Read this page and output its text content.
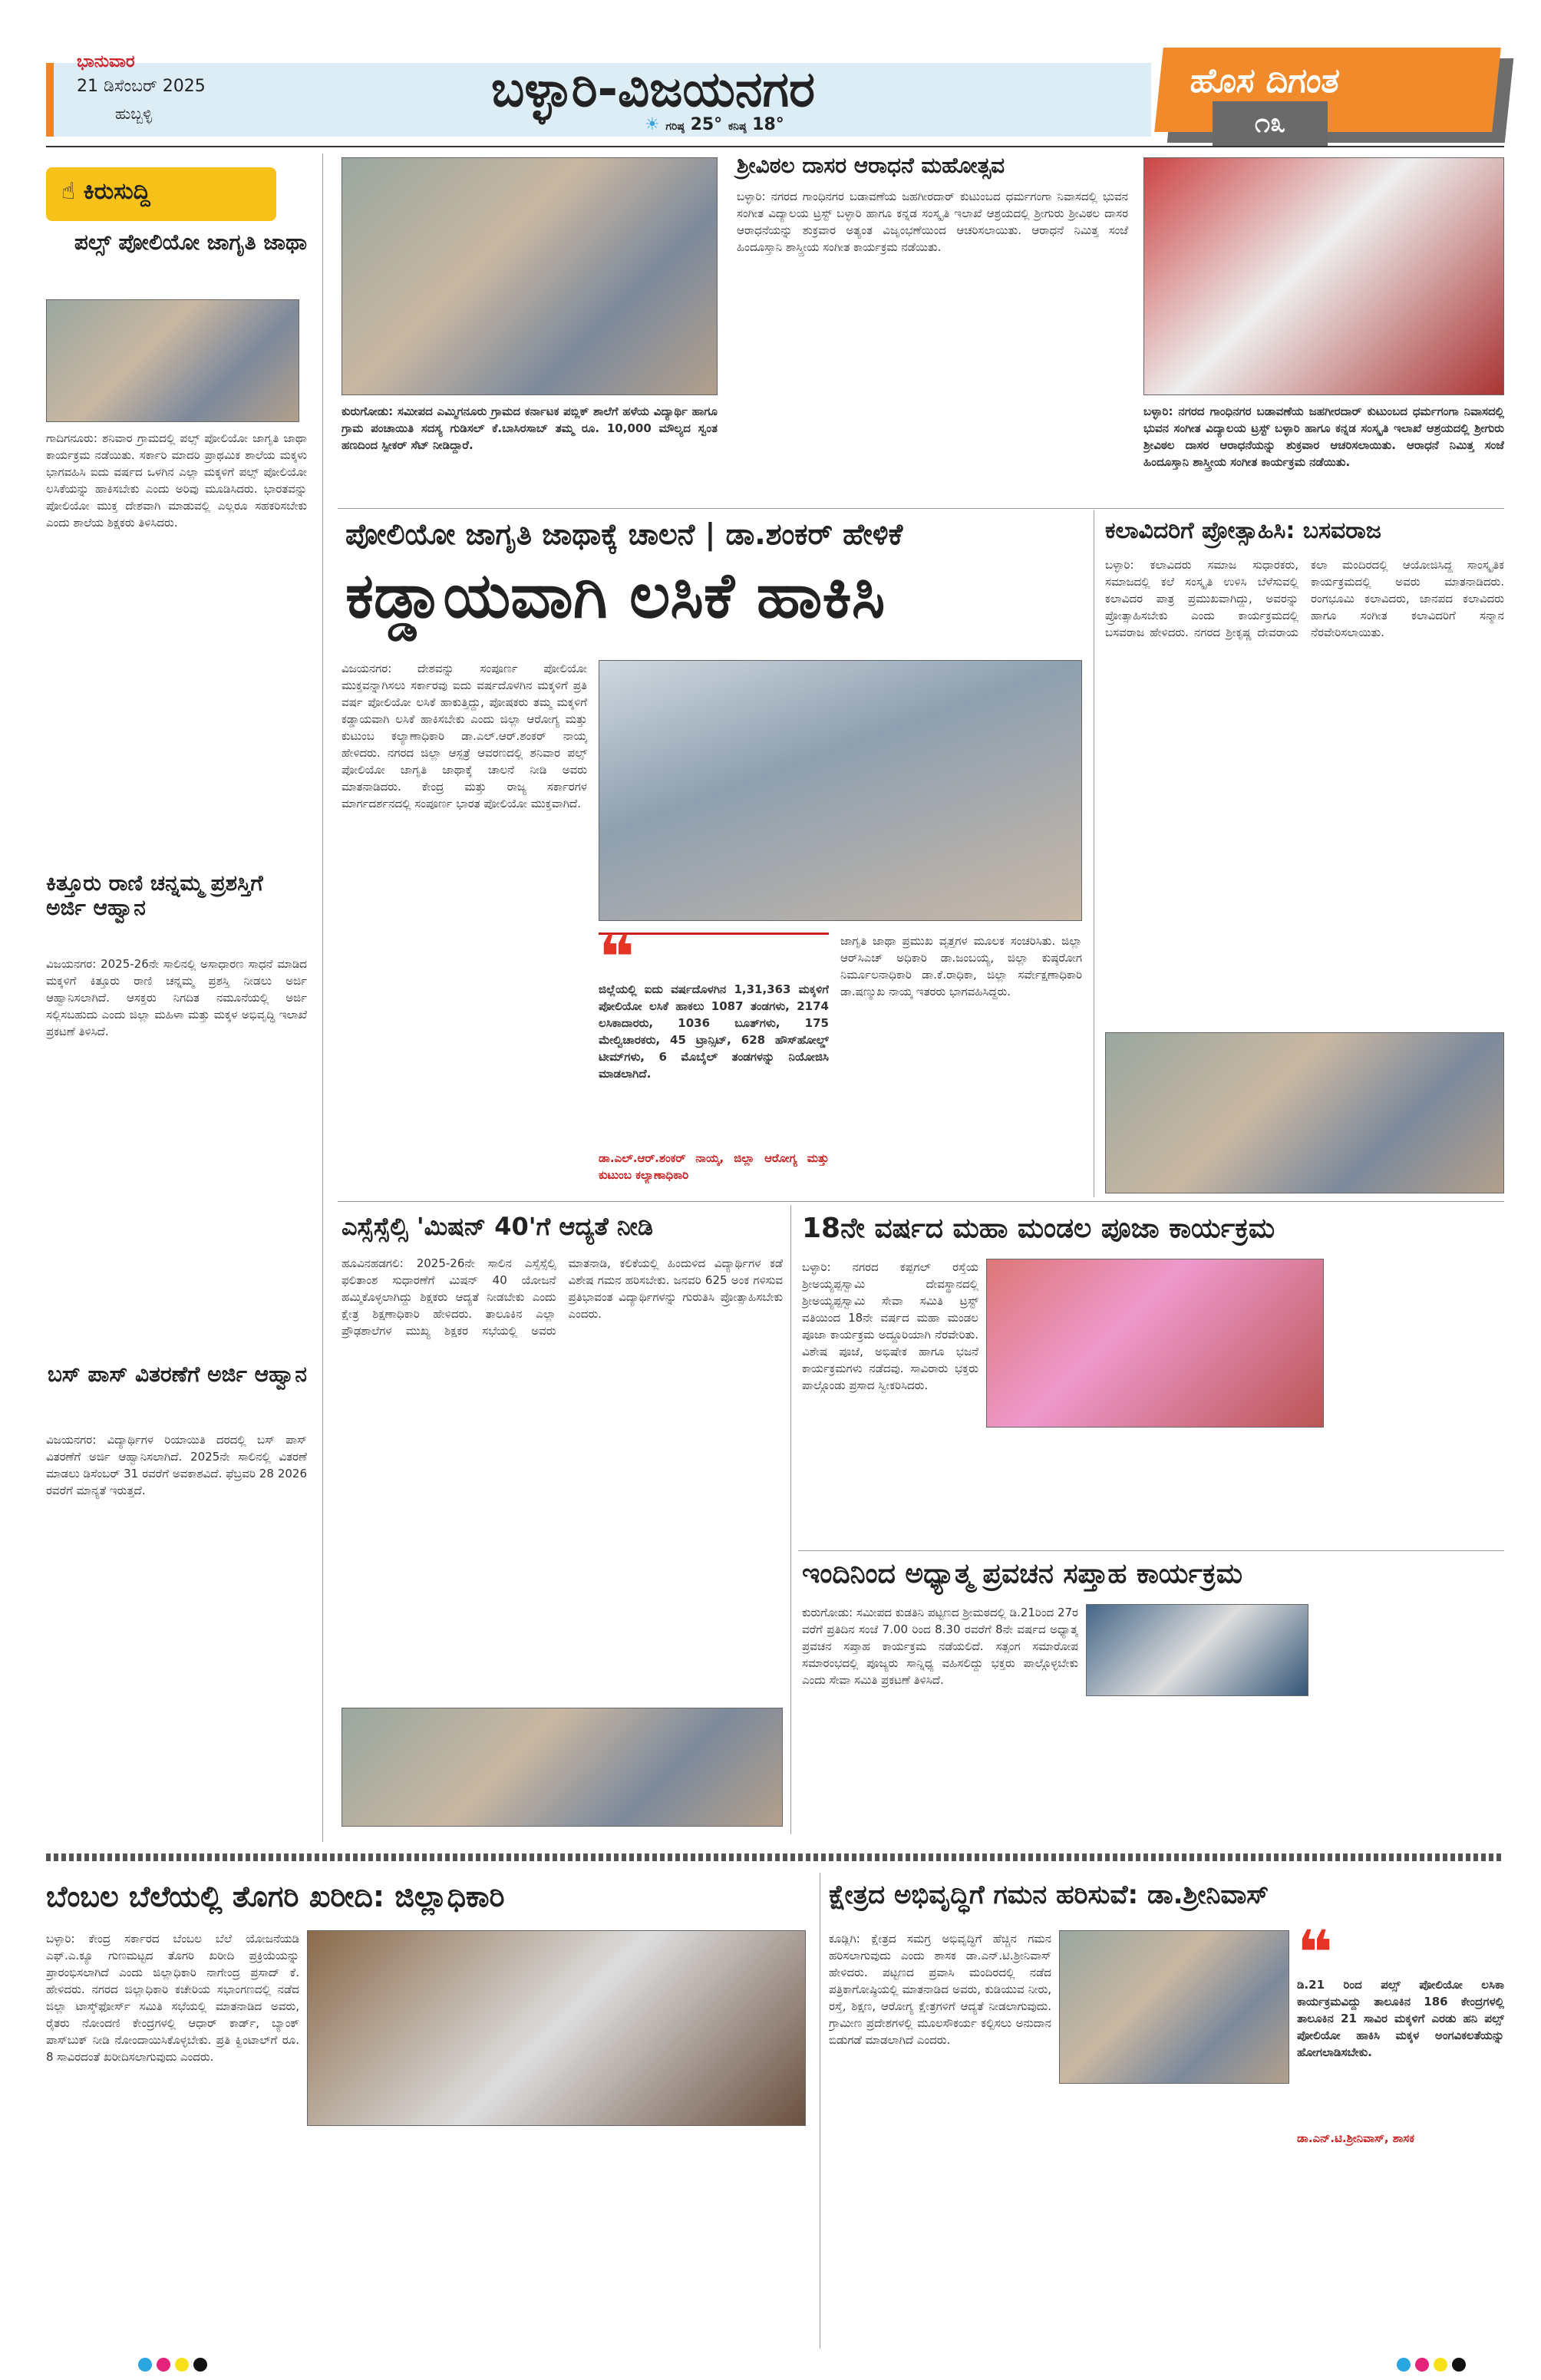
ಭಾನುವಾರ
21 ಡಿಸೆಂಬರ್ 2025
ಹುಬ್ಬಳ್ಳಿ	ಬಳ್ಳಾರಿ-ವಿಜಯನಗರ
☀ ಗರಿಷ್ಠ 25° ಕನಿಷ್ಠ 18°
ಹೊಸ ದಿಗಂತ
೧೩
☝ ಕಿರುಸುದ್ದಿ
ಪಲ್ಸ್ ಪೋಲಿಯೋ ಜಾಗೃತಿ ಜಾಥಾ
ಗಾದಿಗನೂರು: ಶನಿವಾರ ಗ್ರಾಮದಲ್ಲಿ ಪಲ್ಸ್ ಪೋಲಿಯೋ ಜಾಗೃತಿ ಜಾಥಾ ಕಾರ್ಯಕ್ರಮ ನಡೆಯಿತು. ಸರ್ಕಾರಿ ಮಾದರಿ ಪ್ರಾಥಮಿಕ ಶಾಲೆಯ ಮಕ್ಕಳು ಭಾಗವಹಿಸಿ ಐದು ವರ್ಷದ ಒಳಗಿನ ಎಲ್ಲಾ ಮಕ್ಕಳಿಗೆ ಪಲ್ಸ್ ಪೋಲಿಯೋ ಲಸಿಕೆಯನ್ನು ಹಾಕಿಸಬೇಕು ಎಂದು ಅರಿವು ಮೂಡಿಸಿದರು. ಭಾರತವನ್ನು ಪೋಲಿಯೋ ಮುಕ್ತ ದೇಶವಾಗಿ ಮಾಡುವಲ್ಲಿ ಎಲ್ಲರೂ ಸಹಕರಿಸಬೇಕು ಎಂದು ಶಾಲೆಯ ಶಿಕ್ಷಕರು ತಿಳಿಸಿದರು.
ಕಿತ್ತೂರು ರಾಣಿ ಚನ್ನಮ್ಮ ಪ್ರಶಸ್ತಿಗೆ ಅರ್ಜಿ ಆಹ್ವಾನ
ವಿಜಯನಗರ: 2025-26ನೇ ಸಾಲಿನಲ್ಲಿ ಅಸಾಧಾರಣ ಸಾಧನೆ ಮಾಡಿದ ಮಕ್ಕಳಿಗೆ ಕಿತ್ತೂರು ರಾಣಿ ಚನ್ನಮ್ಮ ಪ್ರಶಸ್ತಿ ನೀಡಲು ಅರ್ಜಿ ಆಹ್ವಾನಿಸಲಾಗಿದೆ. ಆಸಕ್ತರು ನಿಗದಿತ ನಮೂನೆಯಲ್ಲಿ ಅರ್ಜಿ ಸಲ್ಲಿಸಬಹುದು ಎಂದು ಜಿಲ್ಲಾ ಮಹಿಳಾ ಮತ್ತು ಮಕ್ಕಳ ಅಭಿವೃದ್ಧಿ ಇಲಾಖೆ ಪ್ರಕಟಣೆ ತಿಳಿಸಿದೆ.
ಬಸ್ ಪಾಸ್ ವಿತರಣೆಗೆ ಅರ್ಜಿ ಆಹ್ವಾನ
ವಿಜಯನಗರ: ವಿದ್ಯಾರ್ಥಿಗಳ ರಿಯಾಯಿತಿ ದರದಲ್ಲಿ ಬಸ್ ಪಾಸ್ ವಿತರಣೆಗೆ ಅರ್ಜಿ ಆಹ್ವಾನಿಸಲಾಗಿದೆ. 2025ನೇ ಸಾಲಿನಲ್ಲಿ ವಿತರಣೆ ಮಾಡಲು ಡಿಸೆಂಬರ್ 31 ರವರೆಗೆ ಅವಕಾಶವಿದೆ. ಫೆಬ್ರವರಿ 28 2026 ರವರೆಗೆ ಮಾನ್ಯತೆ ಇರುತ್ತದೆ.
ಕುರುಗೋಡು: ಸಮೀಪದ ಎಮ್ಮಿಗನೂರು ಗ್ರಾಮದ ಕರ್ನಾಟಕ ಪಬ್ಲಿಕ್ ಶಾಲೆಗೆ ಹಳೆಯ ವಿದ್ಯಾರ್ಥಿ ಹಾಗೂ ಗ್ರಾಮ ಪಂಚಾಯಿತಿ ಸದಸ್ಯ ಗುಡಿಸಲ್ ಕೆ.ಬಾಸಿರಸಾಬ್ ತಮ್ಮ ರೂ. 10,000 ಮೌಲ್ಯದ ಸ್ವಂತ ಹಣದಿಂದ ಸ್ಪೀಕರ್ ಸೆಟ್ ನೀಡಿದ್ದಾರೆ.
ಶ್ರೀವಿಠಲ ದಾಸರ ಆರಾಧನೆ ಮಹೋತ್ಸವ
ಬಳ್ಳಾರಿ: ನಗರದ ಗಾಂಧಿನಗರ ಬಡಾವಣೆಯ ಜಹಗೀರದಾರ್ ಕುಟುಂಬದ ಧರ್ಮಗಂಗಾ ನಿವಾಸದಲ್ಲಿ ಭುವನ ಸಂಗೀತ ವಿದ್ಯಾಲಯ ಟ್ರಸ್ಟ್ ಬಳ್ಳಾರಿ ಹಾಗೂ ಕನ್ನಡ ಸಂಸ್ಕೃತಿ ಇಲಾಖೆ ಆಶ್ರಯದಲ್ಲಿ ಶ್ರೀಗುರು ಶ್ರೀವಿಠಲ ದಾಸರ ಆರಾಧನೆಯನ್ನು ಶುಕ್ರವಾರ ಅತ್ಯಂತ ವಿಜೃಂಭಣೆಯಿಂದ ಆಚರಿಸಲಾಯಿತು. ಆರಾಧನೆ ನಿಮಿತ್ತ ಸಂಜೆ ಹಿಂದೂಸ್ತಾನಿ ಶಾಸ್ತ್ರೀಯ ಸಂಗೀತ ಕಾರ್ಯಕ್ರಮ ನಡೆಯಿತು.
ಬಳ್ಳಾರಿ: ನಗರದ ಗಾಂಧಿನಗರ ಬಡಾವಣೆಯ ಜಹಗೀರದಾರ್ ಕುಟುಂಬದ ಧರ್ಮಗಂಗಾ ನಿವಾಸದಲ್ಲಿ ಭುವನ ಸಂಗೀತ ವಿದ್ಯಾಲಯ ಟ್ರಸ್ಟ್ ಬಳ್ಳಾರಿ ಹಾಗೂ ಕನ್ನಡ ಸಂಸ್ಕೃತಿ ಇಲಾಖೆ ಆಶ್ರಯದಲ್ಲಿ ಶ್ರೀಗುರು ಶ್ರೀವಿಠಲ ದಾಸರ ಆರಾಧನೆಯನ್ನು ಶುಕ್ರವಾರ ಆಚರಿಸಲಾಯಿತು. ಆರಾಧನೆ ನಿಮಿತ್ತ ಸಂಜೆ ಹಿಂದೂಸ್ತಾನಿ ಶಾಸ್ತ್ರೀಯ ಸಂಗೀತ ಕಾರ್ಯಕ್ರಮ ನಡೆಯಿತು.
ಪೋಲಿಯೋ ಜಾಗೃತಿ ಜಾಥಾಕ್ಕೆ ಚಾಲನೆ | ಡಾ.ಶಂಕರ್ ಹೇಳಿಕೆ
ಕಡ್ಡಾಯವಾಗಿ ಲಸಿಕೆ ಹಾಕಿಸಿ
ವಿಜಯನಗರ: ದೇಶವನ್ನು ಸಂಪೂರ್ಣ ಪೋಲಿಯೋ ಮುಕ್ತವನ್ನಾಗಿಸಲು ಸರ್ಕಾರವು ಐದು ವರ್ಷದೊಳಗಿನ ಮಕ್ಕಳಿಗೆ ಪ್ರತಿ ವರ್ಷ ಪೋಲಿಯೋ ಲಸಿಕೆ ಹಾಕುತ್ತಿದ್ದು, ಪೋಷಕರು ತಮ್ಮ ಮಕ್ಕಳಿಗೆ ಕಡ್ಡಾಯವಾಗಿ ಲಸಿಕೆ ಹಾಕಿಸಬೇಕು ಎಂದು ಜಿಲ್ಲಾ ಆರೋಗ್ಯ ಮತ್ತು ಕುಟುಂಬ ಕಲ್ಯಾಣಾಧಿಕಾರಿ ಡಾ.ಎಲ್.ಆರ್.ಶಂಕರ್ ನಾಯ್ಕ ಹೇಳಿದರು. ನಗರದ ಜಿಲ್ಲಾ ಆಸ್ಪತ್ರೆ ಆವರಣದಲ್ಲಿ ಶನಿವಾರ ಪಲ್ಸ್ ಪೋಲಿಯೋ ಜಾಗೃತಿ ಜಾಥಾಕ್ಕೆ ಚಾಲನೆ ನೀಡಿ ಅವರು ಮಾತನಾಡಿದರು. ಕೇಂದ್ರ ಮತ್ತು ರಾಜ್ಯ ಸರ್ಕಾರಗಳ ಮಾರ್ಗದರ್ಶನದಲ್ಲಿ ಸಂಪೂರ್ಣ ಭಾರತ ಪೋಲಿಯೋ ಮುಕ್ತವಾಗಿದೆ.
❝
ಜಿಲ್ಲೆಯಲ್ಲಿ ಐದು ವರ್ಷದೊಳಗಿನ 1,31,363 ಮಕ್ಕಳಿಗೆ ಪೋಲಿಯೋ ಲಸಿಕೆ ಹಾಕಲು 1087 ತಂಡಗಳು, 2174 ಲಸಿಕಾದಾರರು, 1036 ಬೂತ್‌ಗಳು, 175 ಮೇಲ್ವಿಚಾರಕರು, 45 ಟ್ರಾನ್ಸಿಟ್, 628 ಹೌಸ್‌ಹೋಲ್ಡ್ ಟೀಮ್‌ಗಳು, 6 ಮೊಬೈಲ್ ತಂಡಗಳನ್ನು ನಿಯೋಜಿಸಿ ಮಾಡಲಾಗಿದೆ.
ಡಾ.ಎಲ್.ಆರ್.ಶಂಕರ್ ನಾಯ್ಕ, ಜಿಲ್ಲಾ ಆರೋಗ್ಯ ಮತ್ತು ಕುಟುಂಬ ಕಲ್ಯಾಣಾಧಿಕಾರಿ
ಜಾಗೃತಿ ಜಾಥಾ ಪ್ರಮುಖ ವೃತ್ತಗಳ ಮೂಲಕ ಸಂಚರಿಸಿತು. ಜಿಲ್ಲಾ ಆರ್‌ಸಿಎಚ್ ಅಧಿಕಾರಿ ಡಾ.ಜಂಬಯ್ಯ, ಜಿಲ್ಲಾ ಕುಷ್ಠರೋಗ ನಿರ್ಮೂಲನಾಧಿಕಾರಿ ಡಾ.ಕೆ.ರಾಧಿಕಾ, ಜಿಲ್ಲಾ ಸರ್ವೇಕ್ಷಣಾಧಿಕಾರಿ ಡಾ.ಷಣ್ಮುಖ ನಾಯ್ಕ ಇತರರು ಭಾಗವಹಿಸಿದ್ದರು.
ಕಲಾವಿದರಿಗೆ ಪ್ರೋತ್ಸಾಹಿಸಿ: ಬಸವರಾಜ
ಬಳ್ಳಾರಿ: ಕಲಾವಿದರು ಸಮಾಜ ಸುಧಾರಕರು, ಸಮಾಜದಲ್ಲಿ ಕಲೆ ಸಂಸ್ಕೃತಿ ಉಳಿಸಿ ಬೆಳೆಸುವಲ್ಲಿ ಕಲಾವಿದರ ಪಾತ್ರ ಪ್ರಮುಖವಾಗಿದ್ದು, ಅವರನ್ನು ಪ್ರೋತ್ಸಾಹಿಸಬೇಕು ಎಂದು ಕಾರ್ಯಕ್ರಮದಲ್ಲಿ ಬಸವರಾಜ ಹೇಳಿದರು. ನಗರದ ಶ್ರೀಕೃಷ್ಣ ದೇವರಾಯ ಕಲಾ ಮಂದಿರದಲ್ಲಿ ಆಯೋಜಿಸಿದ್ದ ಸಾಂಸ್ಕೃತಿಕ ಕಾರ್ಯಕ್ರಮದಲ್ಲಿ ಅವರು ಮಾತನಾಡಿದರು. ರಂಗಭೂಮಿ ಕಲಾವಿದರು, ಜಾನಪದ ಕಲಾವಿದರು ಹಾಗೂ ಸಂಗೀತ ಕಲಾವಿದರಿಗೆ ಸನ್ಮಾನ ನೆರವೇರಿಸಲಾಯಿತು.
ಎಸ್ಸೆಸ್ಸೆಲ್ಸಿ 'ಮಿಷನ್ 40'ಗೆ ಆದ್ಯತೆ ನೀಡಿ
ಹೂವಿನಹಡಗಲಿ: 2025-26ನೇ ಸಾಲಿನ ಎಸ್ಸೆಸ್ಸೆಲ್ಸಿ ಫಲಿತಾಂಶ ಸುಧಾರಣೆಗೆ ಮಿಷನ್ 40 ಯೋಜನೆ ಹಮ್ಮಿಕೊಳ್ಳಲಾಗಿದ್ದು ಶಿಕ್ಷಕರು ಆದ್ಯತೆ ನೀಡಬೇಕು ಎಂದು ಕ್ಷೇತ್ರ ಶಿಕ್ಷಣಾಧಿಕಾರಿ ಹೇಳಿದರು. ತಾಲೂಕಿನ ಎಲ್ಲಾ ಪ್ರೌಢಶಾಲೆಗಳ ಮುಖ್ಯ ಶಿಕ್ಷಕರ ಸಭೆಯಲ್ಲಿ ಅವರು ಮಾತನಾಡಿ, ಕಲಿಕೆಯಲ್ಲಿ ಹಿಂದುಳಿದ ವಿದ್ಯಾರ್ಥಿಗಳ ಕಡೆ ವಿಶೇಷ ಗಮನ ಹರಿಸಬೇಕು. ಜನವರಿ 625 ಅಂಕ ಗಳಿಸುವ ಪ್ರತಿಭಾವಂತ ವಿದ್ಯಾರ್ಥಿಗಳನ್ನು ಗುರುತಿಸಿ ಪ್ರೋತ್ಸಾಹಿಸಬೇಕು ಎಂದರು.
18ನೇ ವರ್ಷದ ಮಹಾ ಮಂಡಲ ಪೂಜಾ ಕಾರ್ಯಕ್ರಮ
ಬಳ್ಳಾರಿ: ನಗರದ ಕಪ್ಪಗಲ್ ರಸ್ತೆಯ ಶ್ರೀಅಯ್ಯಪ್ಪಸ್ವಾಮಿ ದೇವಸ್ಥಾನದಲ್ಲಿ ಶ್ರೀಅಯ್ಯಪ್ಪಸ್ವಾಮಿ ಸೇವಾ ಸಮಿತಿ ಟ್ರಸ್ಟ್ ವತಿಯಿಂದ 18ನೇ ವರ್ಷದ ಮಹಾ ಮಂಡಲ ಪೂಜಾ ಕಾರ್ಯಕ್ರಮ ಅದ್ದೂರಿಯಾಗಿ ನೆರವೇರಿತು. ವಿಶೇಷ ಪೂಜೆ, ಅಭಿಷೇಕ ಹಾಗೂ ಭಜನೆ ಕಾರ್ಯಕ್ರಮಗಳು ನಡೆದವು. ಸಾವಿರಾರು ಭಕ್ತರು ಪಾಲ್ಗೊಂಡು ಪ್ರಸಾದ ಸ್ವೀಕರಿಸಿದರು.
ಇಂದಿನಿಂದ ಅಧ್ಯಾತ್ಮ ಪ್ರವಚನ ಸಪ್ತಾಹ ಕಾರ್ಯಕ್ರಮ
ಕುರುಗೋಡು: ಸಮೀಪದ ಕುಡತಿನಿ ಪಟ್ಟಣದ ಶ್ರೀಮಠದಲ್ಲಿ ಡಿ.21ರಿಂದ 27ರ ವರೆಗೆ ಪ್ರತಿದಿನ ಸಂಜೆ 7.00 ರಿಂದ 8.30 ರವರೆಗೆ 8ನೇ ವರ್ಷದ ಅಧ್ಯಾತ್ಮ ಪ್ರವಚನ ಸಪ್ತಾಹ ಕಾರ್ಯಕ್ರಮ ನಡೆಯಲಿದೆ. ಸತ್ಸಂಗ ಸಮಾರೋಪ ಸಮಾರಂಭದಲ್ಲಿ ಪೂಜ್ಯರು ಸಾನ್ನಿಧ್ಯ ವಹಿಸಲಿದ್ದು ಭಕ್ತರು ಪಾಲ್ಗೊಳ್ಳಬೇಕು ಎಂದು ಸೇವಾ ಸಮಿತಿ ಪ್ರಕಟಣೆ ತಿಳಿಸಿದೆ.
ಬೆಂಬಲ ಬೆಲೆಯಲ್ಲಿ ತೊಗರಿ ಖರೀದಿ: ಜಿಲ್ಲಾಧಿಕಾರಿ
ಬಳ್ಳಾರಿ: ಕೇಂದ್ರ ಸರ್ಕಾರದ ಬೆಂಬಲ ಬೆಲೆ ಯೋಜನೆಯಡಿ ಎಫ್.ಎ.ಕ್ಯೂ ಗುಣಮಟ್ಟದ ತೊಗರಿ ಖರೀದಿ ಪ್ರಕ್ರಿಯೆಯನ್ನು ಪ್ರಾರಂಭಿಸಲಾಗಿದೆ ಎಂದು ಜಿಲ್ಲಾಧಿಕಾರಿ ನಾಗೇಂದ್ರ ಪ್ರಸಾದ್ ಕೆ. ಹೇಳಿದರು. ನಗರದ ಜಿಲ್ಲಾಧಿಕಾರಿ ಕಚೇರಿಯ ಸಭಾಂಗಣದಲ್ಲಿ ನಡೆದ ಜಿಲ್ಲಾ ಟಾಸ್ಕ್‌ಫೋರ್ಸ್ ಸಮಿತಿ ಸಭೆಯಲ್ಲಿ ಮಾತನಾಡಿದ ಅವರು, ರೈತರು ನೋಂದಣಿ ಕೇಂದ್ರಗಳಲ್ಲಿ ಆಧಾರ್ ಕಾರ್ಡ್, ಬ್ಯಾಂಕ್ ಪಾಸ್‌ಬುಕ್ ನೀಡಿ ನೋಂದಾಯಿಸಿಕೊಳ್ಳಬೇಕು. ಪ್ರತಿ ಕ್ವಿಂಟಾಲ್‌ಗೆ ರೂ. 8 ಸಾವಿರದಂತೆ ಖರೀದಿಸಲಾಗುವುದು ಎಂದರು.
ಕ್ಷೇತ್ರದ ಅಭಿವೃದ್ಧಿಗೆ ಗಮನ ಹರಿಸುವೆ: ಡಾ.ಶ್ರೀನಿವಾಸ್
ಕೂಡ್ಲಿಗಿ: ಕ್ಷೇತ್ರದ ಸಮಗ್ರ ಅಭಿವೃದ್ಧಿಗೆ ಹೆಚ್ಚಿನ ಗಮನ ಹರಿಸಲಾಗುವುದು ಎಂದು ಶಾಸಕ ಡಾ.ಎನ್.ಟಿ.ಶ್ರೀನಿವಾಸ್ ಹೇಳಿದರು. ಪಟ್ಟಣದ ಪ್ರವಾಸಿ ಮಂದಿರದಲ್ಲಿ ನಡೆದ ಪತ್ರಿಕಾಗೋಷ್ಠಿಯಲ್ಲಿ ಮಾತನಾಡಿದ ಅವರು, ಕುಡಿಯುವ ನೀರು, ರಸ್ತೆ, ಶಿಕ್ಷಣ, ಆರೋಗ್ಯ ಕ್ಷೇತ್ರಗಳಿಗೆ ಆದ್ಯತೆ ನೀಡಲಾಗುವುದು. ಗ್ರಾಮೀಣ ಪ್ರದೇಶಗಳಲ್ಲಿ ಮೂಲಸೌಕರ್ಯ ಕಲ್ಪಿಸಲು ಅನುದಾನ ಬಿಡುಗಡೆ ಮಾಡಲಾಗಿದೆ ಎಂದರು.
❝
ಡಿ.21 ರಿಂದ ಪಲ್ಸ್ ಪೋಲಿಯೋ ಲಸಿಕಾ ಕಾರ್ಯಕ್ರಮವಿದ್ದು ತಾಲೂಕಿನ 186 ಕೇಂದ್ರಗಳಲ್ಲಿ ತಾಲೂಕಿನ 21 ಸಾವಿರ ಮಕ್ಕಳಿಗೆ ಎರಡು ಹನಿ ಪಲ್ಸ್ ಪೋಲಿಯೋ ಹಾಕಿಸಿ ಮಕ್ಕಳ ಅಂಗವಿಕಲತೆಯನ್ನು ಹೋಗಲಾಡಿಸಬೇಕು.
ಡಾ.ಎನ್.ಟಿ.ಶ್ರೀನಿವಾಸ್, ಶಾಸಕ
